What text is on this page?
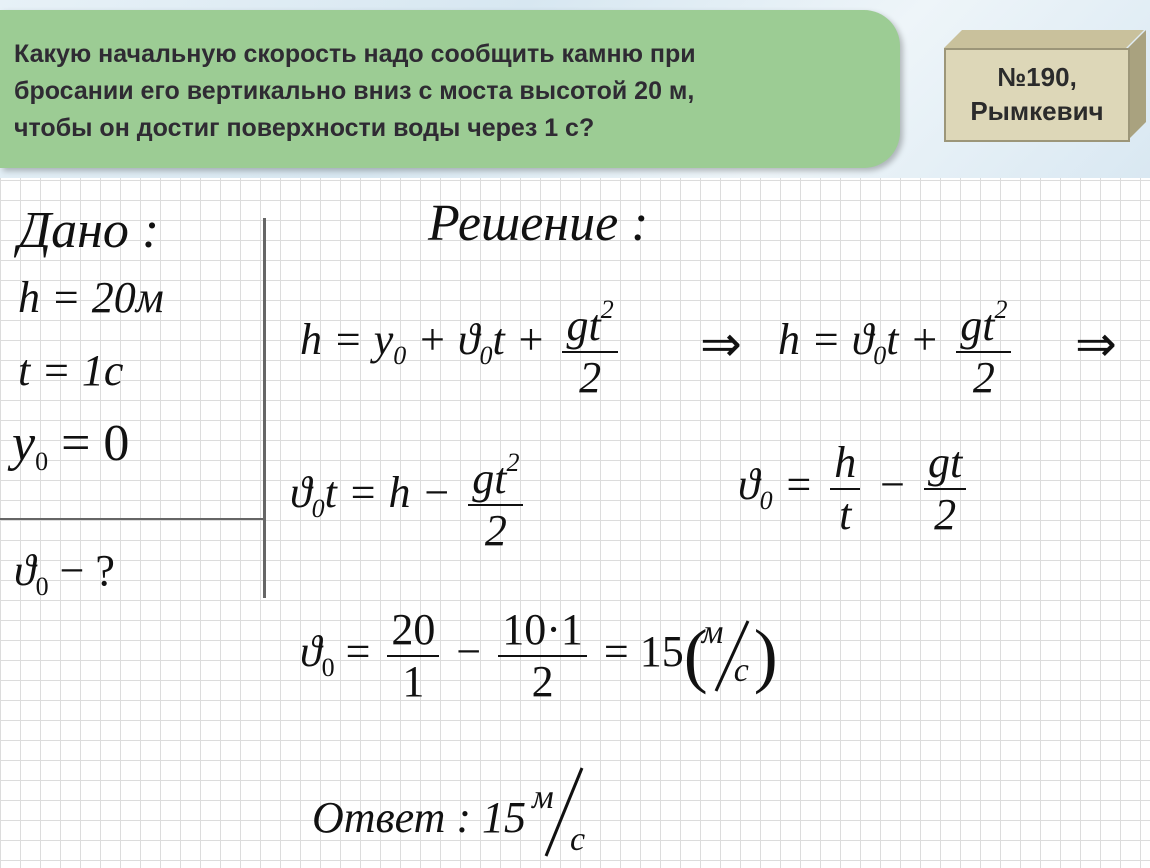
Какую начальную скорость надо сообщить камню при
бросании его вертикально вниз с моста высотой 20 м,
чтобы он достиг поверхности воды через 1 с?
№190,
Рымкевич
Дано :
h = 20м
t = 1с
$y_0 = 0$
$ϑ_0$ − ?
Решение :
$h = y_0 + ϑ_0t + \frac{gt^2}{2}$ ⇒ $h = ϑ_0t + \frac{gt^2}{2}$ ⇒
$ϑ_0t = h - \frac{gt^2}{2}$	$ϑ_0 = \frac{h}{t} - \frac{gt}{2}$
$ϑ_0 = \frac{20}{1} - \frac{10\cdot 1}{2} = 15$ (
м
с )
Ответ : 15 м
с
